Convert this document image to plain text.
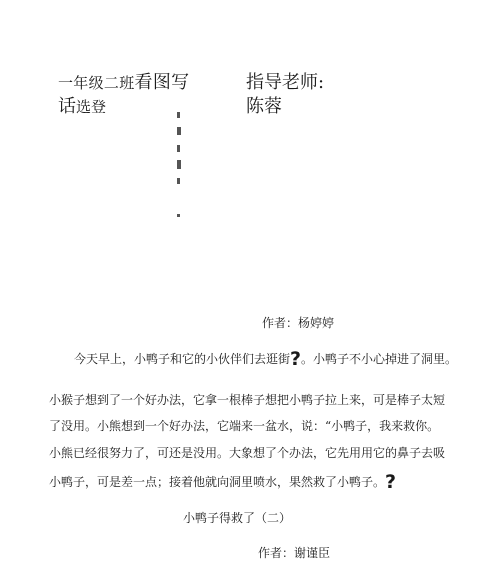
一年级二班看图写
话选登
指导老师:
陈蓉
作者：杨婷婷
今天早上，小鸭子和它的小伙伴们去逛街?。小鸭子不小心掉进了洞里。
小猴子想到了一个好办法，它拿一根棒子想把小鸭子拉上来，可是棒子太短
了没用。小熊想到一个好办法，它端来一盆水，说：“小鸭子，我来救你。
小熊已经很努力了，可还是没用。大象想了个办法，它先用用它的鼻子去吸
小鸭子，可是差一点；接着他就向洞里喷水，果然救了小鸭子。?
小鸭子得救了（二）
作者：谢谨臣
